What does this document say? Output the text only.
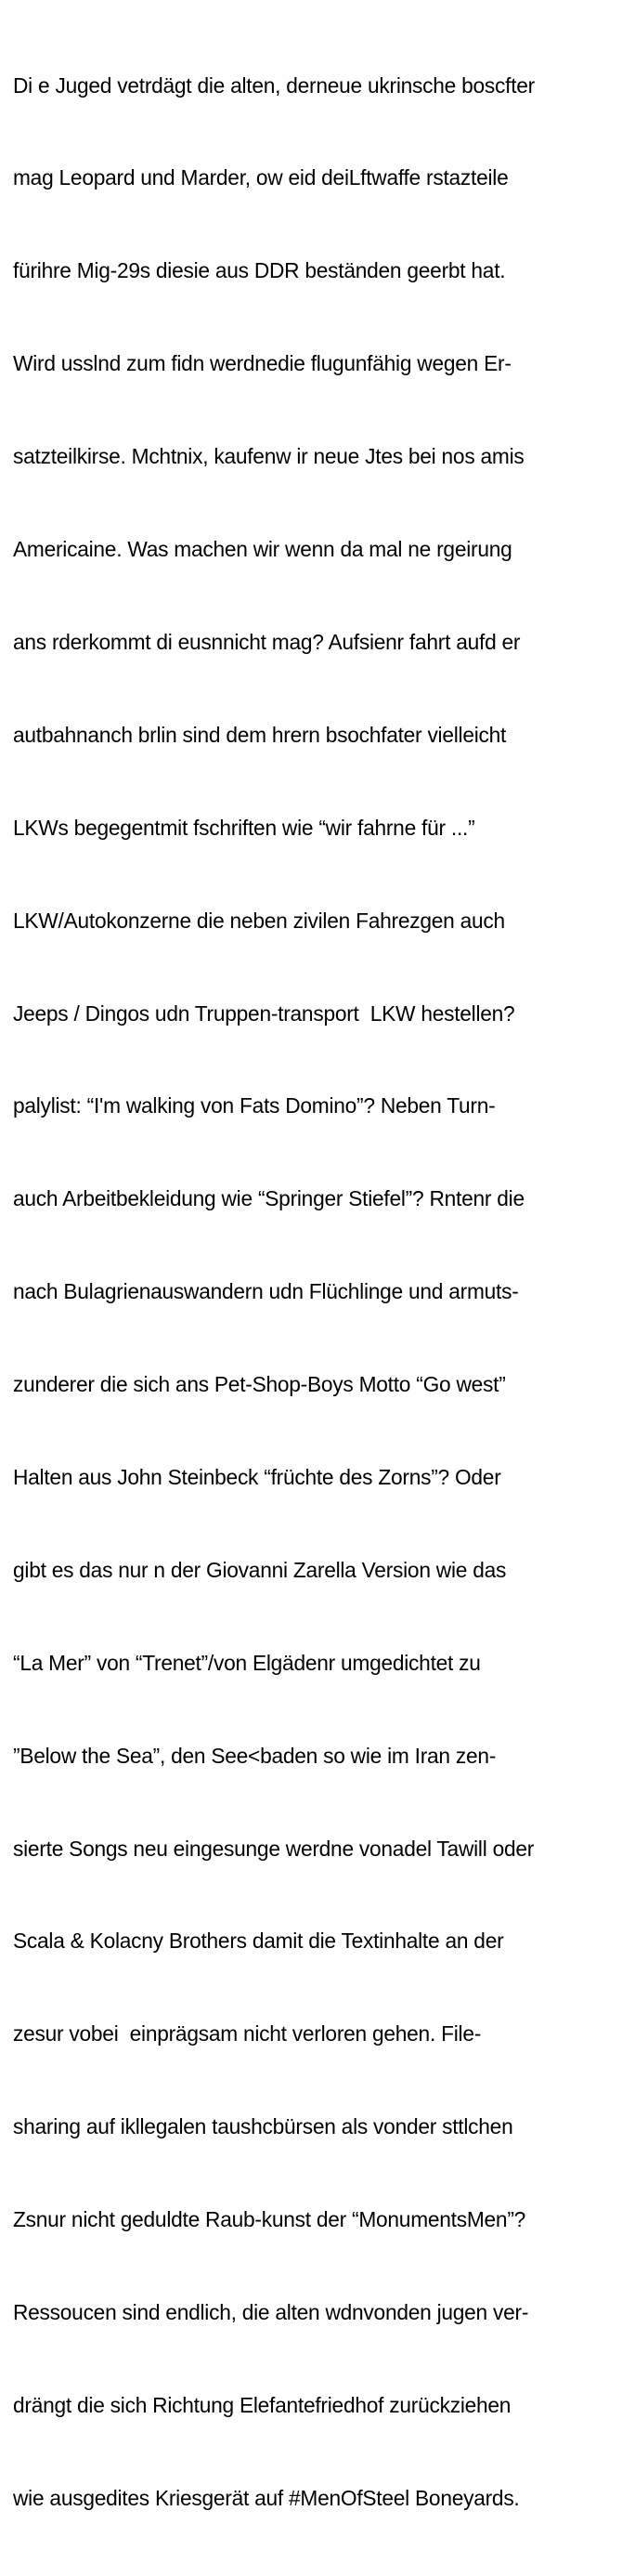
Di e Juged vetrdägt die alten, derneue ukrinsche boscfter

mag Leopard und Marder, ow eid deiLftwaffe rstazteile

fürihre Mig-29s diesie aus DDR beständen geerbt hat.

Wird usslnd zum fidn werdnedie flugunfähig wegen Er-

satzteilkirse. Mchtnix, kaufenw ir neue Jtes bei nos amis

Americaine. Was machen wir wenn da mal ne rgeirung

ans rderkommt di eusnnicht mag? Aufsienr fahrt aufd er

autbahnanch brlin sind dem hrern bsochfater vielleicht

LKWs begegentmit fschriften wie “wir fahrne für ...”

LKW/Autokonzerne die neben zivilen Fahrezgen auch

Jeeps / Dingos udn Truppen-transport  LKW hestellen?

palylist: “I'm walking von Fats Domino”? Neben Turn-

auch Arbeitbekleidung wie “Springer Stiefel”? Rntenr die

nach Bulagrienauswandern udn Flüchlinge und armuts-

zunderer die sich ans Pet-Shop-Boys Motto “Go west”

Halten aus John Steinbeck “früchte des Zorns”? Oder

gibt es das nur n der Giovanni Zarella Version wie das

“La Mer” von “Trenet”/von Elgädenr umgedichtet zu

”Below the Sea”, den See<baden so wie im Iran zen-

sierte Songs neu eingesunge werdne vonadel Tawill oder

Scala & Kolacny Brothers damit die Textinhalte an der

zesur vobei  einprägsam nicht verloren gehen. File-

sharing auf ikllegalen taushcbürsen als vonder sttlchen

Zsnur nicht geduldte Raub-kunst der “MonumentsMen”?

Ressoucen sind endlich, die alten wdnvonden jugen ver-

drängt die sich Richtung Elefantefriedhof zurückziehen

wie ausgedites Kriesgerät auf #MenOfSteel Boneyards.
